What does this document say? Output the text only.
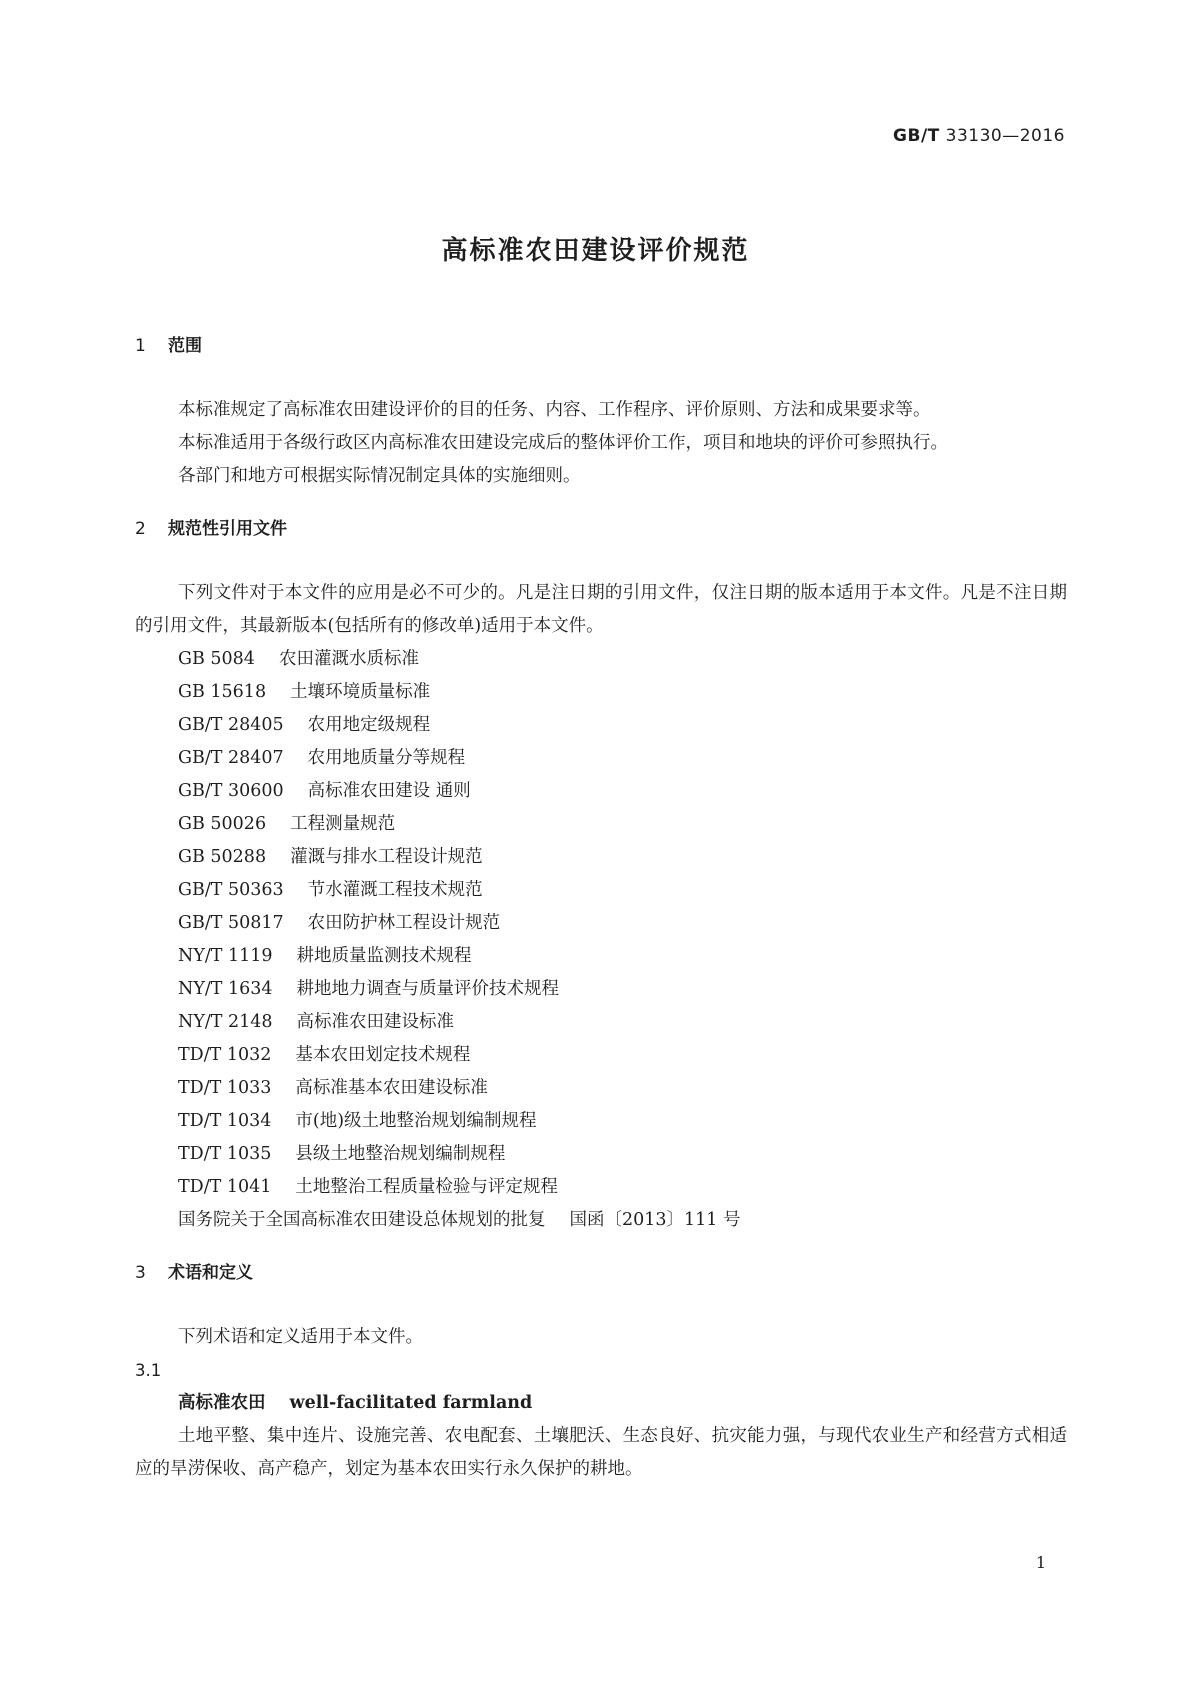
GB/T 33130—2016
高标准农田建设评价规范
1 范围

本标准规定了高标准农田建设评价的目的任务、内容、工作程序、评价原则、方法和成果要求等。

本标准适用于各级行政区内高标准农田建设完成后的整体评价工作，项目和地块的评价可参照执行。

各部门和地方可根据实际情况制定具体的实施细则。

2 规范性引用文件

下列文件对于本文件的应用是必不可少的。凡是注日期的引用文件，仅注日期的版本适用于本文件。凡是不注日期的引用文件，其最新版本(包括所有的修改单)适用于本文件。

GB 5084 农田灌溉水质标准
GB 15618 土壤环境质量标准
GB/T 28405 农用地定级规程
GB/T 28407 农用地质量分等规程
GB/T 30600 高标准农田建设 通则
GB 50026 工程测量规范
GB 50288 灌溉与排水工程设计规范
GB/T 50363 节水灌溉工程技术规范
GB/T 50817 农田防护林工程设计规范
NY/T 1119 耕地质量监测技术规程
NY/T 1634 耕地地力调查与质量评价技术规程
NY/T 2148 高标准农田建设标准
TD/T 1032 基本农田划定技术规程
TD/T 1033 高标准基本农田建设标准
TD/T 1034 市(地)级土地整治规划编制规程
TD/T 1035 县级土地整治规划编制规程
TD/T 1041 土地整治工程质量检验与评定规程
国务院关于全国高标准农田建设总体规划的批复 国函〔2013〕111 号
3 术语和定义

下列术语和定义适用于本文件。

3.1
高标准农田 well-facilitated farmland

土地平整、集中连片、设施完善、农电配套、土壤肥沃、生态良好、抗灾能力强，与现代农业生产和经营方式相适应的旱涝保收、高产稳产，划定为基本农田实行永久保护的耕地。

1
